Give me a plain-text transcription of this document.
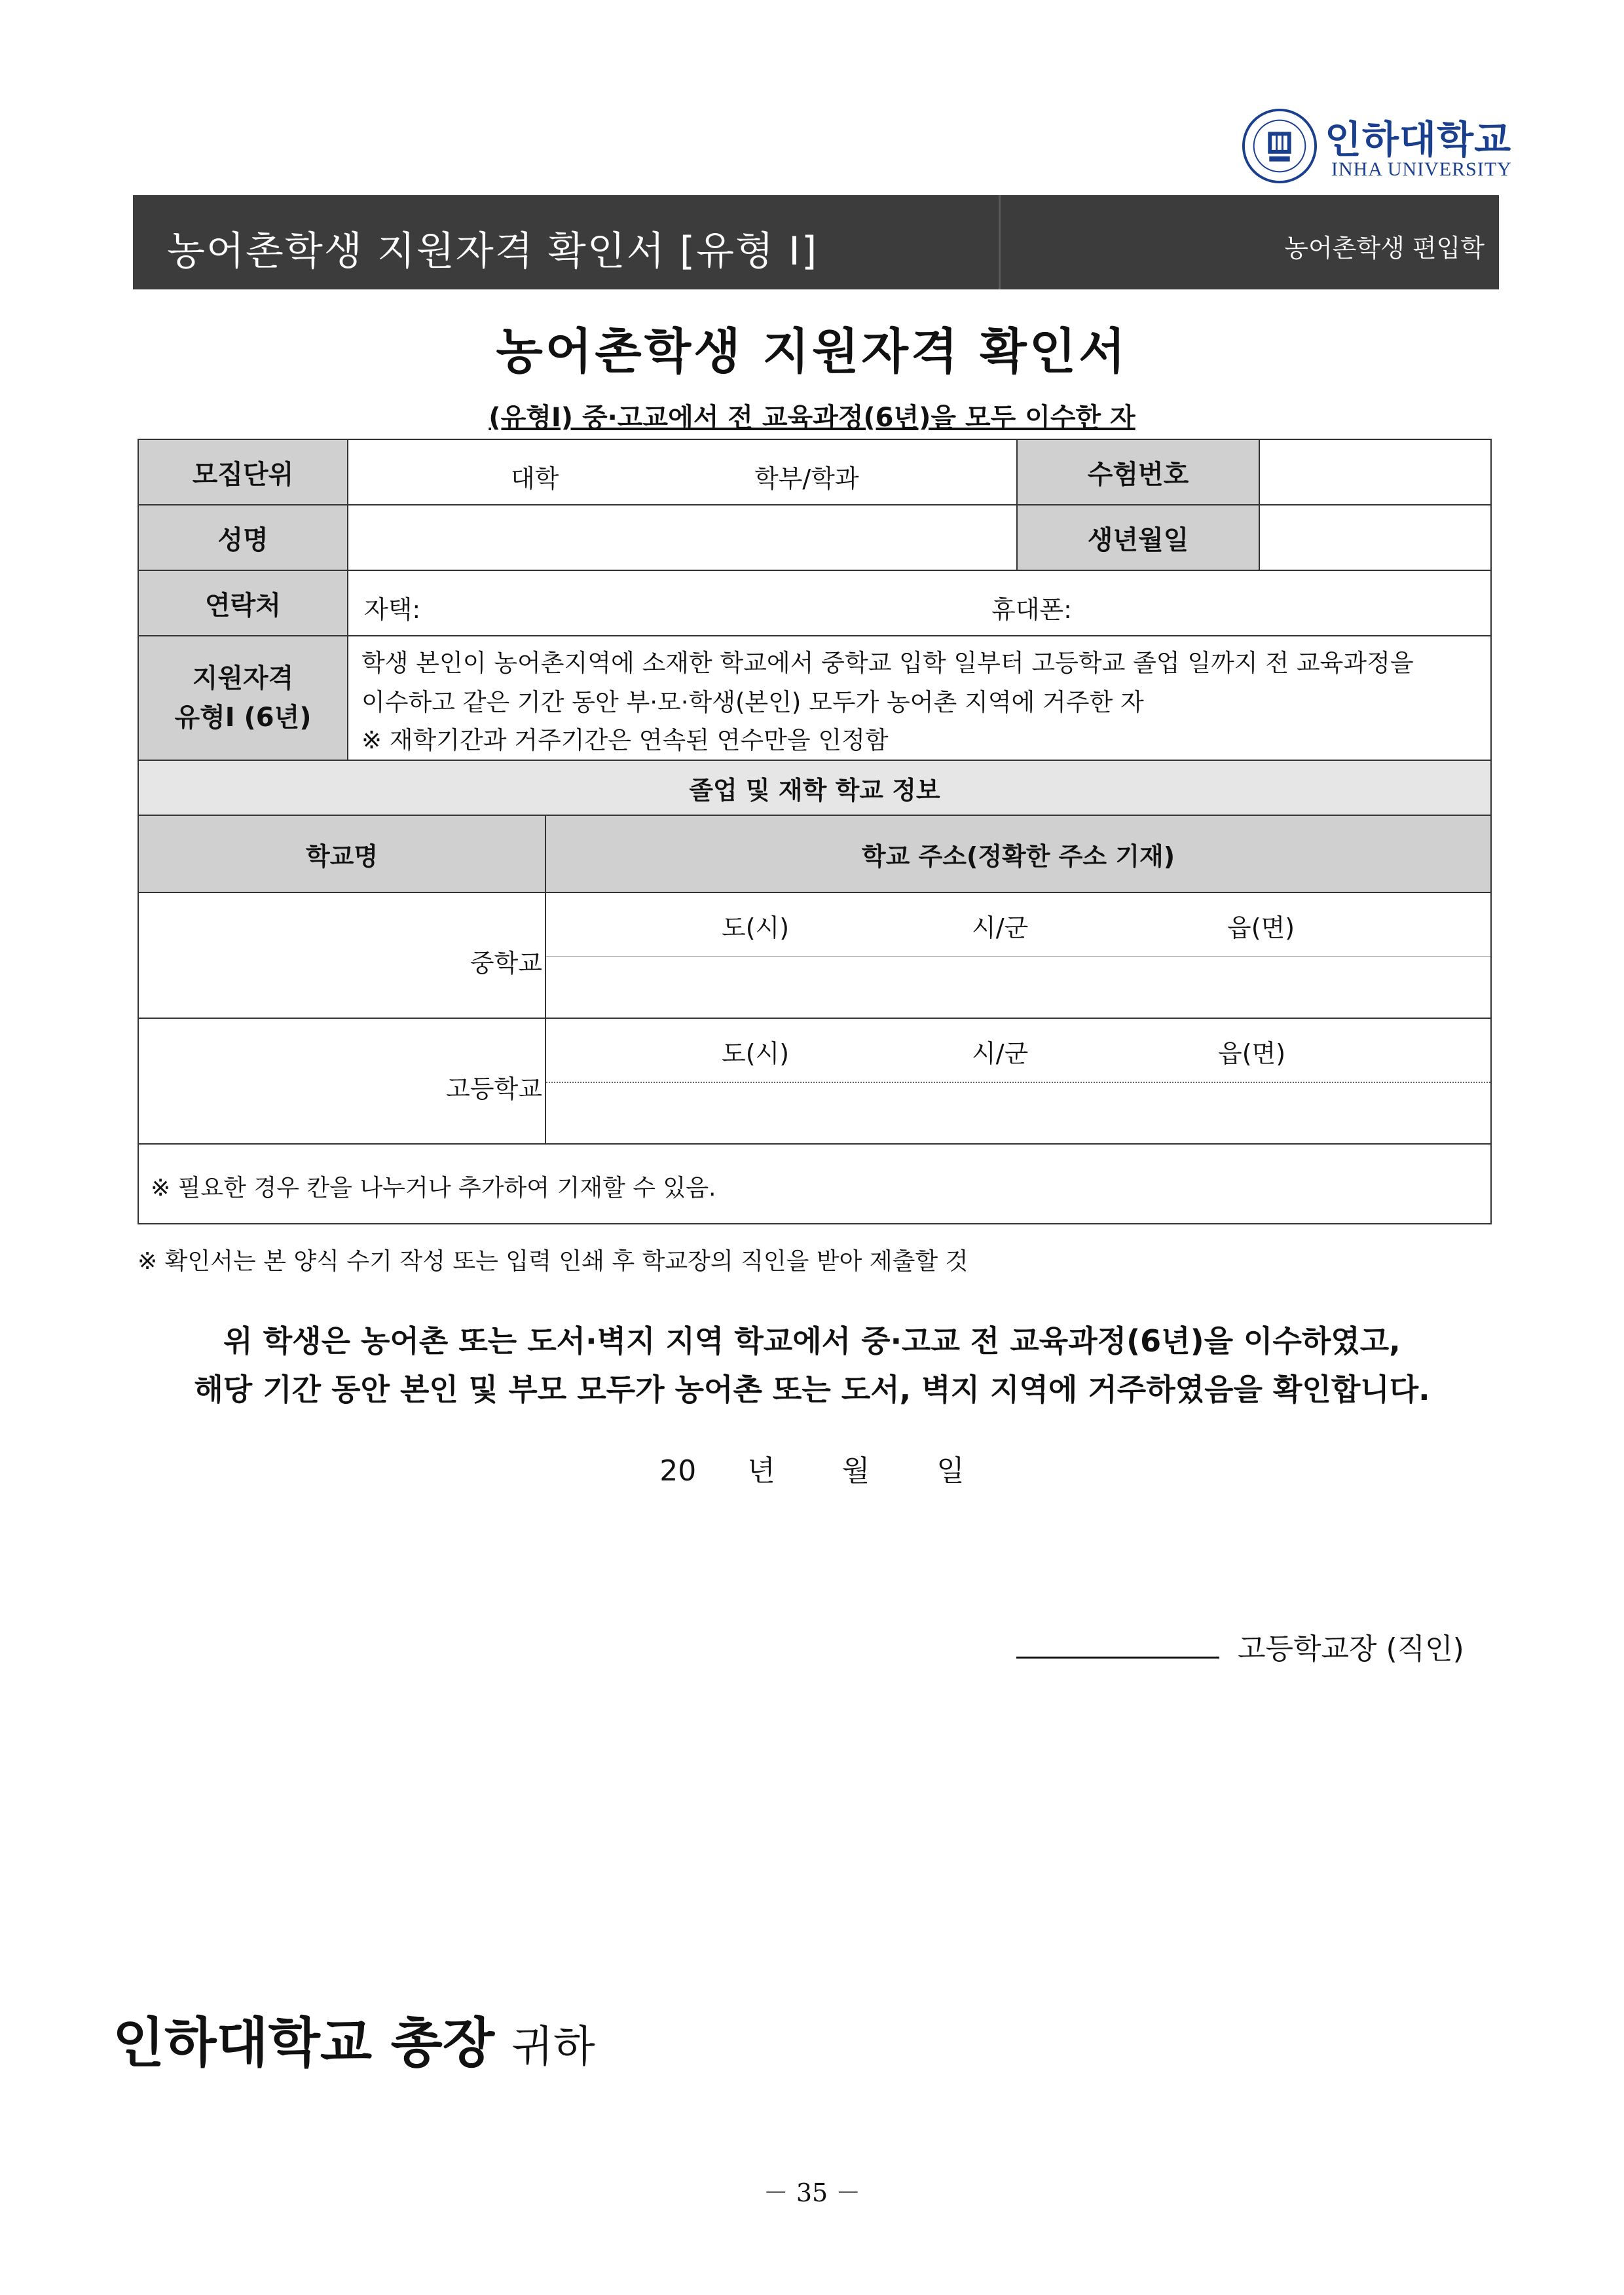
인하대학교
INHA UNIVERSITY
농어촌학생 지원자격 확인서 [유형 Ⅰ]	농어촌학생 편입학
농어촌학생 지원자격 확인서
(유형Ⅰ) 중·고교에서 전 교육과정(6년)을 모두 이수한 자
모집단위	대학	학부/학과	수험번호
성명	생년월일
연락처	자택:	휴대폰:
지원자격
유형Ⅰ (6년)
학생 본인이 농어촌지역에 소재한 학교에서 중학교 입학 일부터 고등학교 졸업 일까지 전 교육과정을
이수하고 같은 기간 동안 부·모·학생(본인) 모두가 농어촌 지역에 거주한 자
※ 재학기간과 거주기간은 연속된 연수만을 인정함
졸업 및 재학 학교 정보
학교명	학교 주소(정확한 주소 기재)
중학교
도(시)	시/군	읍(면)
고등학교
도(시)	시/군	읍(면)
※ 필요한 경우 칸을 나누거나 추가하여 기재할 수 있음.
※ 확인서는 본 양식 수기 작성 또는 입력 인쇄 후 학교장의 직인을 받아 제출할 것
위 학생은 농어촌 또는 도서·벽지 지역 학교에서 중·고교 전 교육과정(6년)을 이수하였고,
해당 기간 동안 본인 및 부모 모두가 농어촌 또는 도서, 벽지 지역에 거주하였음을 확인합니다.
20 년 월 일
고등학교장 (직인)
인하대학교 총장 귀하
－ 35 －
